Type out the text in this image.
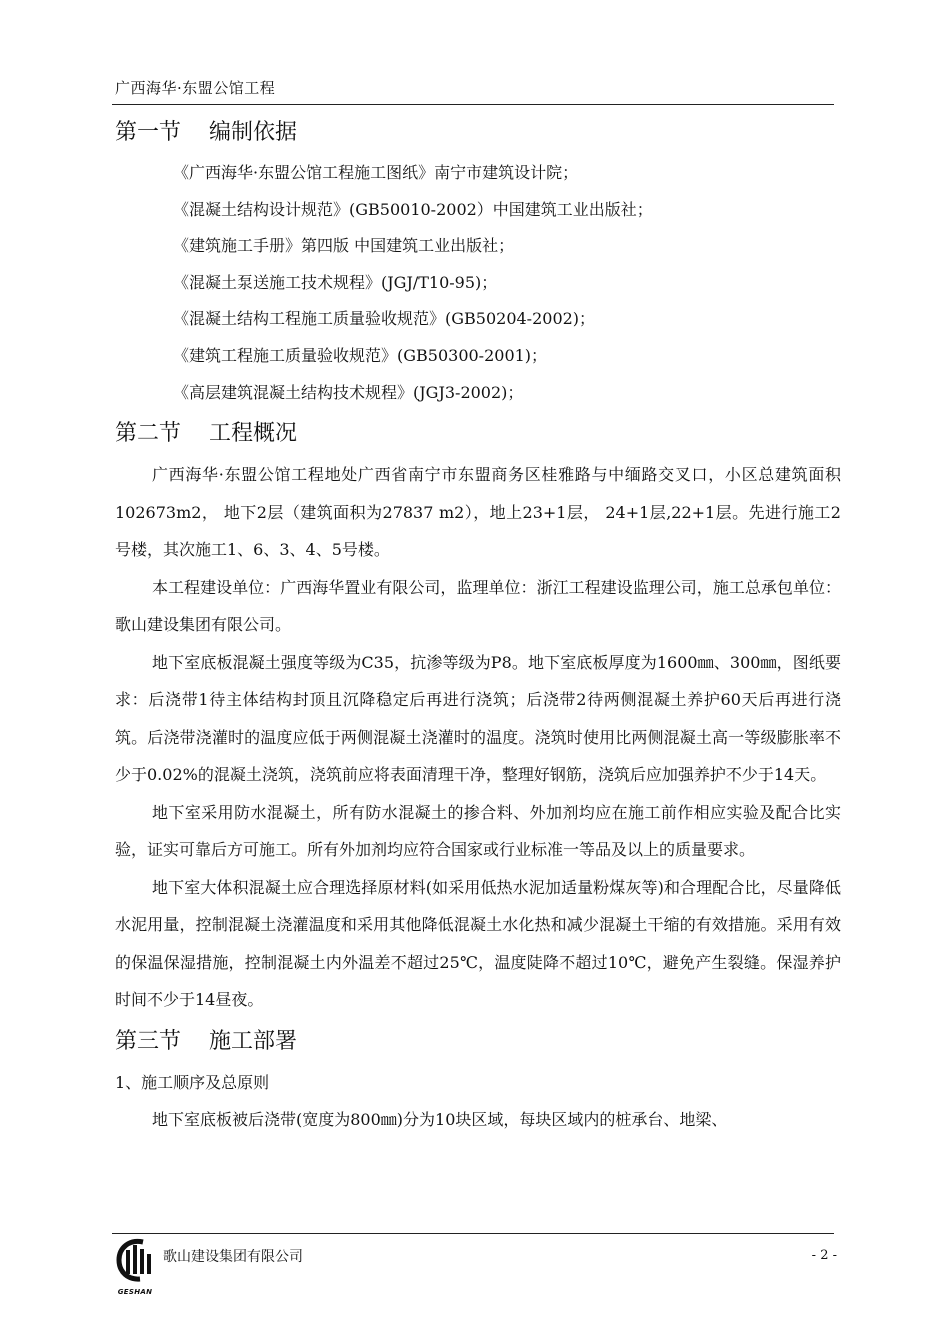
广西海华·东盟公馆工程
第一节    编制依据
《广西海华·东盟公馆工程施工图纸》南宁市建筑设计院；
《混凝土结构设计规范》(GB50010-2002）中国建筑工业出版社；
《建筑施工手册》第四版 中国建筑工业出版社；
《混凝土泵送施工技术规程》(JGJ/T10-95)；
《混凝土结构工程施工质量验收规范》(GB50204-2002)；
《建筑工程施工质量验收规范》(GB50300-2001)；
《高层建筑混凝土结构技术规程》(JGJ3-2002)；
第二节    工程概况

广西海华·东盟公馆工程地处广西省南宁市东盟商务区桂雅路与中缅路交叉口，小区总建筑面积102673m2， 地下2层（建筑面积为27837 m2），地上23+1层， 24+1层,22+1层。先进行施工2号楼，其次施工1、6、3、4、5号楼。

本工程建设单位：广西海华置业有限公司，监理单位：浙江工程建设监理公司，施工总承包单位：歌山建设集团有限公司。

地下室底板混凝土强度等级为C35，抗渗等级为P8。地下室底板厚度为1600㎜、300㎜，图纸要求：后浇带1待主体结构封顶且沉降稳定后再进行浇筑；后浇带2待两侧混凝土养护60天后再进行浇筑。后浇带浇灌时的温度应低于两侧混凝土浇灌时的温度。浇筑时使用比两侧混凝土高一等级膨胀率不少于0.02%的混凝土浇筑，浇筑前应将表面清理干净，整理好钢筋，浇筑后应加强养护不少于14天。

地下室采用防水混凝土，所有防水混凝土的掺合料、外加剂均应在施工前作相应实验及配合比实验，证实可靠后方可施工。所有外加剂均应符合国家或行业标准一等品及以上的质量要求。

地下室大体积混凝土应合理选择原材料(如采用低热水泥加适量粉煤灰等)和合理配合比，尽量降低水泥用量，控制混凝土浇灌温度和采用其他降低混凝土水化热和减少混凝土干缩的有效措施。采用有效的保温保湿措施，控制混凝土内外温差不超过25℃，温度陡降不超过10℃，避免产生裂缝。保湿养护时间不少于14昼夜。

第三节    施工部署
1、施工顺序及总原则

地下室底板被后浇带(宽度为800㎜)分为10块区域，每块区域内的桩承台、地梁、

GESHAN
歌山建设集团有限公司	- 2 -
